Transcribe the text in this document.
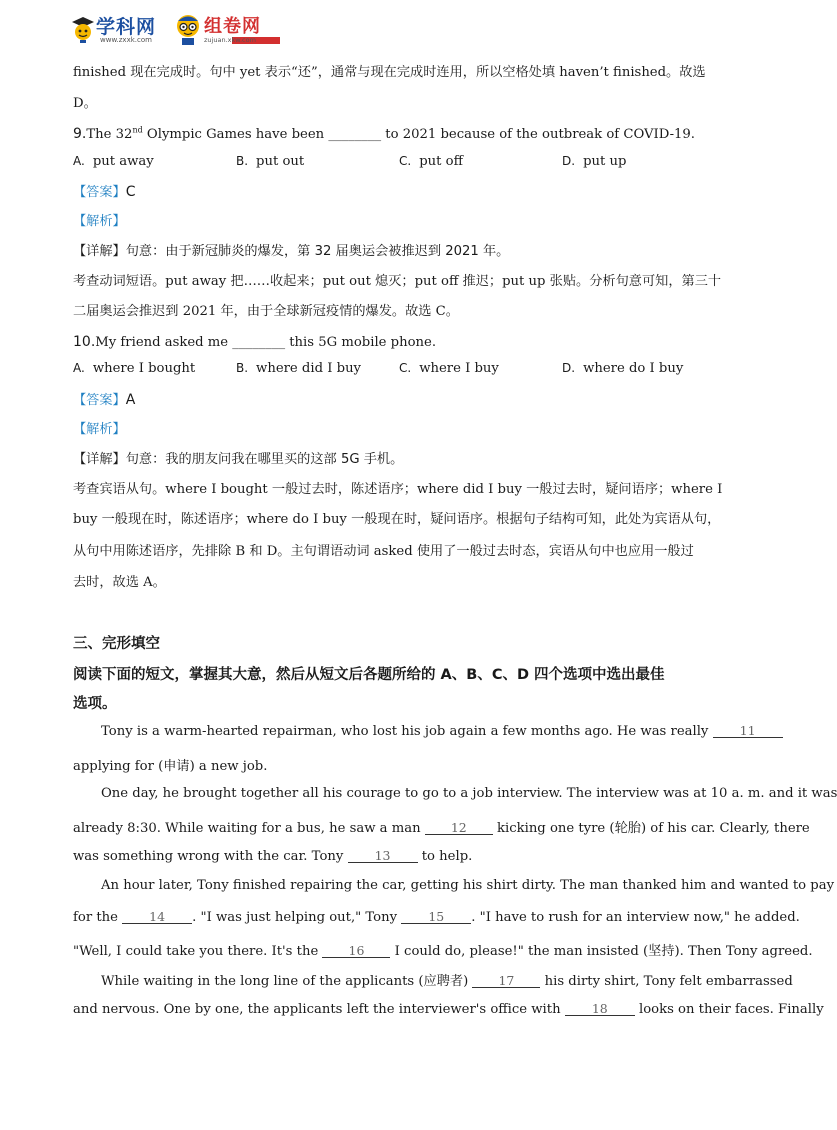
学科网
www.zxxk.com
组卷网
zujuan.xkw.com
finished 现在完成时。句中 yet 表示“还”，通常与现在完成时连用，所以空格处填 haven’t finished。故选
D。
9.The 32nd Olympic Games have been ________ to 2021 because of the outbreak of COVID-19.
A. put away	B. put out	C. put off	D. put up
【答案】C
【解析】
【详解】句意：由于新冠肺炎的爆发，第 32 届奥运会被推迟到 2021 年。
考查动词短语。put away 把……收起来；put out 熄灭；put off 推迟；put up 张贴。分析句意可知，第三十
二届奥运会推迟到 2021 年，由于全球新冠疫情的爆发。故选 C。
10.My friend asked me ________ this 5G mobile phone.
A. where I bought	B. where did I buy	C. where I buy	D. where do I buy
【答案】A
【解析】
【详解】句意：我的朋友问我在哪里买的这部 5G 手机。
考查宾语从句。where I bought 一般过去时，陈述语序；where did I buy 一般过去时，疑问语序；where I
buy 一般现在时，陈述语序；where do I buy 一般现在时，疑问语序。根据句子结构可知，此处为宾语从句，
从句中用陈述语序，先排除 B 和 D。主句谓语动词 asked 使用了一般过去时态，宾语从句中也应用一般过
去时，故选 A。
三、完形填空
阅读下面的短文，掌握其大意，然后从短文后各题所给的 A、B、C、D 四个选项中选出最佳
选项。
Tony is a warm-hearted repairman, who lost his job again a few months ago. He was really	11
applying for (申请) a new job.
One day, he brought together all his courage to go to a job interview. The interview was at 10 a. m. and it was
already 8:30. While waiting for a bus, he saw a man 12 kicking one tyre (轮胎) of his car. Clearly, there
was something wrong with the car. Tony	13 to help.
An hour later, Tony finished repairing the car, getting his shirt dirty. The man thanked him and wanted to pay
for the	14 . "I was just helping out," Tony	15 . "I have to rush for an interview now," he added.
"Well, I could take you there. It's the 16 I could do, please!" the man insisted (坚持). Then Tony agreed.
While waiting in the long line of the applicants (应聘者) 17 his dirty shirt, Tony felt embarrassed
and nervous. One by one, the applicants left the interviewer's office with	18 looks on their faces. Finally
